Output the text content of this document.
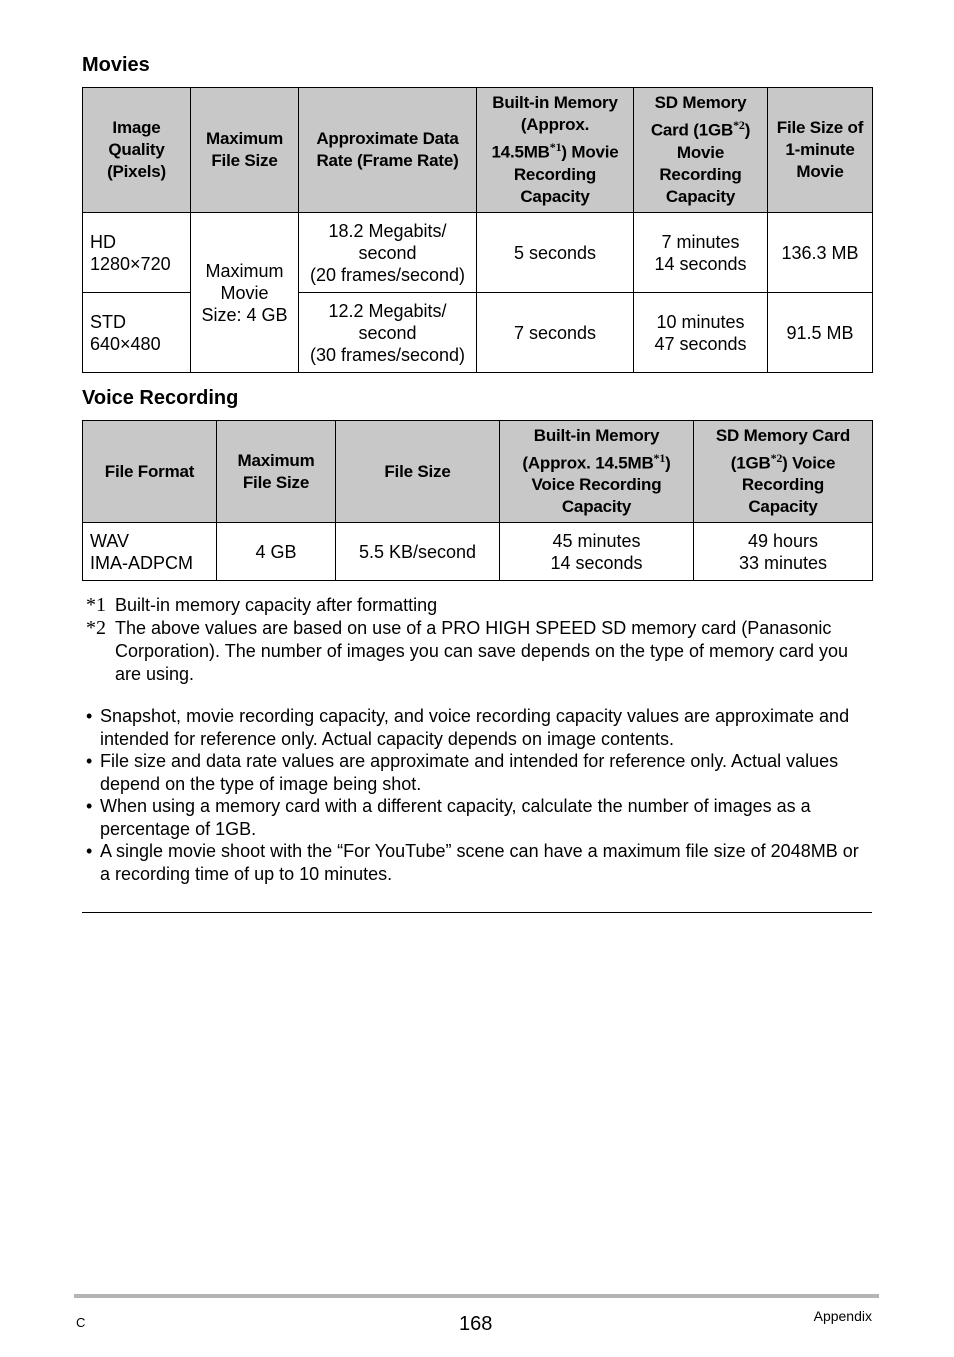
Movies
Image
Quality
(Pixels)	Maximum
File Size	Approximate Data
Rate (Frame Rate)	Built-in Memory
(Approx.
14.5MB$^{*1}$) Movie
Recording
Capacity	SD Memory
Card (1GB$^{*2}$)
Movie
Recording
Capacity	File Size of
1-minute
Movie

HD
1280×720	Maximum
Movie
Size: 4 GB	18.2 Megabits/
second
(20 frames/second)	5 seconds	7 minutes
14 seconds	136.3 MB

STD
640×480		12.2 Megabits/
second
(30 frames/second)	7 seconds	10 minutes
47 seconds	91.5 MB
Voice Recording
File Format	Maximum
File Size	File Size	Built-in Memory
(Approx. 14.5MB$^{*1}$)
Voice Recording
Capacity	SD Memory Card
(1GB$^{*2}$) Voice
Recording
Capacity

WAV
IMA-ADPCM	4 GB	5.5 KB/second	45 minutes
14 seconds	49 hours
33 minutes
*1 Built-in memory capacity after formatting
*2 The above values are based on use of a PRO HIGH SPEED SD memory card (Panasonic Corporation). The number of images you can save depends on the type of memory card you are using.
• Snapshot, movie recording capacity, and voice recording capacity values are approximate and intended for reference only. Actual capacity depends on image contents.
• File size and data rate values are approximate and intended for reference only. Actual values depend on the type of image being shot.
• When using a memory card with a different capacity, calculate the number of images as a percentage of 1GB.
• A single movie shoot with the “For YouTube” scene can have a maximum file size of 2048MB or a recording time of up to 10 minutes.
C	168	Appendix
